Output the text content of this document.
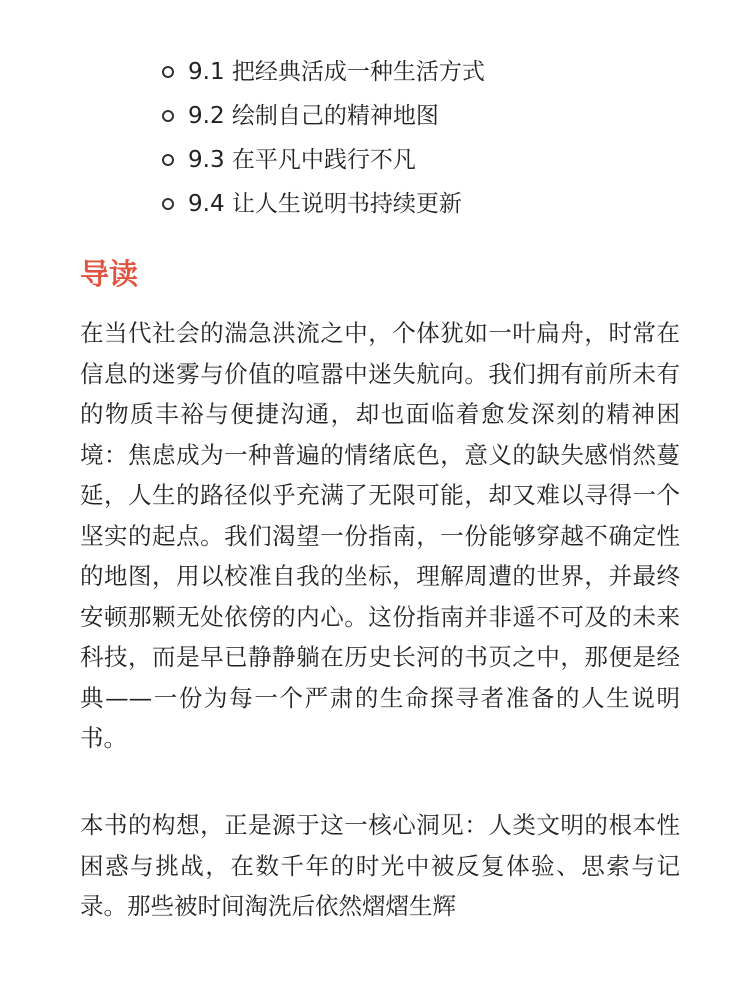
9.1 把经典活成一种生活方式
9.2 绘制自己的精神地图
9.3 在平凡中践行不凡
9.4 让人生说明书持续更新
导读

在当代社会的湍急洪流之中，个体犹如一叶扁舟，时常在信息的迷雾与价值的喧嚣中迷失航向。我们拥有前所未有的物质丰裕与便捷沟通，却也面临着愈发深刻的精神困境：焦虑成为一种普遍的情绪底色，意义的缺失感悄然蔓延，人生的路径似乎充满了无限可能，却又难以寻得一个坚实的起点。我们渴望一份指南，一份能够穿越不确定性的地图，用以校准自我的坐标，理解周遭的世界，并最终安顿那颗无处依傍的内心。这份指南并非遥不可及的未来科技，而是早已静静躺在历史长河的书页之中，那便是经典——一份为每一个严肃的生命探寻者准备的人生说明书。

本书的构想，正是源于这一核心洞见：人类文明的根本性困惑与挑战，在数千年的时光中被反复体验、思索与记录。那些被时间淘洗后依然熠熠生辉
